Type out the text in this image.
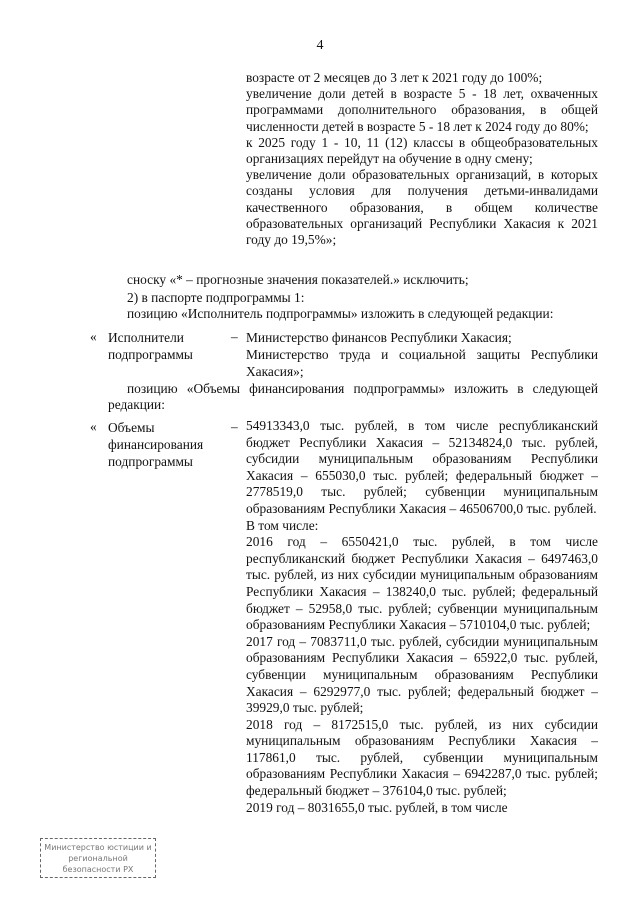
4

возрасте от 2 месяцев до 3 лет к 2021 году до 100%;

увеличение доли детей в возрасте 5 - 18 лет, охваченных программами дополнительного образования, в общей численности детей в возрасте 5 - 18 лет к 2024 году до 80%;

к 2025 году 1 - 10, 11 (12) классы в общеобразовательных организациях перейдут на обучение в одну смену;

увеличение доли образовательных организаций, в которых созданы условия для получения детьми-инвалидами качественного образования, в общем количестве образовательных организаций Республики Хакасия к 2021 году до 19,5%»;

сноску «* – прогнозные значения показателей.» исключить;
2) в паспорте подпрограммы 1:
позицию «Исполнитель подпрограммы» изложить в следующей редакции:
« Исполнители подпрограммы
– Министерство финансов Республики Хакасия;

Министерство труда и социальной защиты Республики Хакасия»;

позицию «Объемы финансирования подпрограммы» изложить в следующей редакции:
« Объемы финансирования подпрограммы
– 54913343,0 тыс. рублей, в том числе республиканский бюджет Республики Хакасия – 52134824,0 тыс. рублей, субсидии муниципальным образованиям Республики Хакасия – 655030,0 тыс. рублей; федеральный бюджет – 2778519,0 тыс. рублей; субвенции муниципальным образованиям Республики Хакасия – 46506700,0 тыс. рублей.

В том числе:

2016 год – 6550421,0 тыс. рублей, в том числе республиканский бюджет Республики Хакасия – 6497463,0 тыс. рублей, из них субсидии муниципальным образованиям Республики Хакасия – 138240,0 тыс. рублей; федеральный бюджет – 52958,0 тыс. рублей; субвенции муниципальным образованиям Республики Хакасия – 5710104,0 тыс. рублей;

2017 год – 7083711,0 тыс. рублей, субсидии муниципальным образованиям Республики Хакасия – 65922,0 тыс. рублей, субвенции муниципальным образованиям Республики Хакасия – 6292977,0 тыс. рублей; федеральный бюджет – 39929,0 тыс. рублей;

2018 год – 8172515,0 тыс. рублей, из них субсидии муниципальным образованиям Республики Хакасия – 117861,0 тыс. рублей, субвенции муниципальным образованиям Республики Хакасия – 6942287,0 тыс. рублей; федеральный бюджет – 376104,0 тыс. рублей;

2019 год – 8031655,0 тыс. рублей, в том числе

Министерство юстиции и региональной безопасности РХ
